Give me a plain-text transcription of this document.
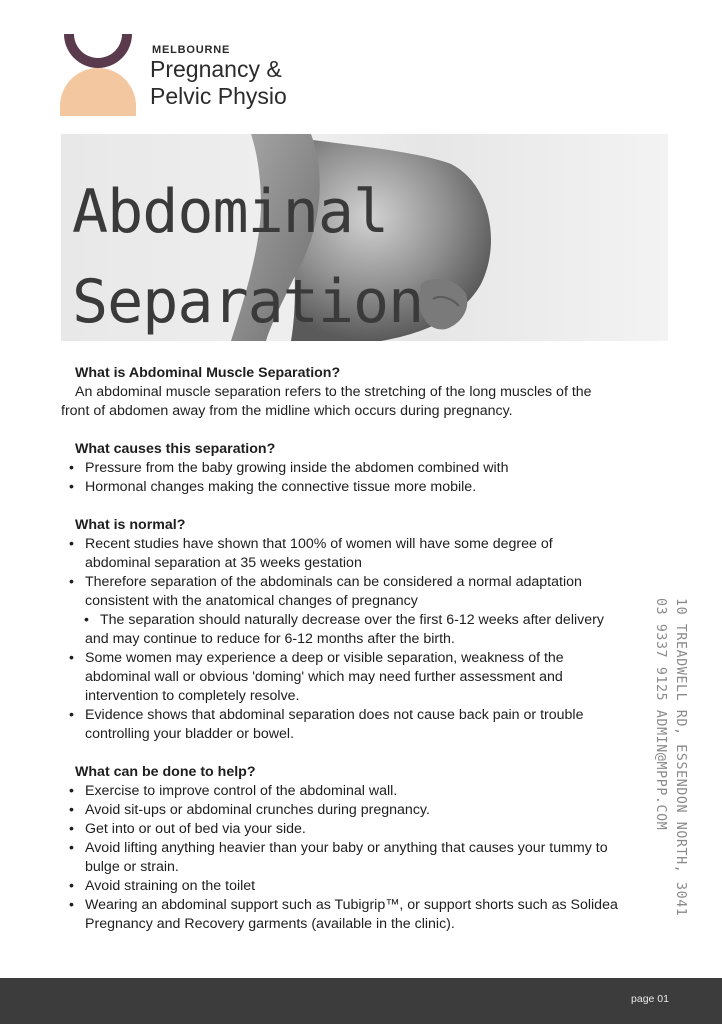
MELBOURNE
Pregnancy &
Pelvic Physio
Abdominal
Separation

What is Abdominal Muscle Separation?

An abdominal muscle separation refers to the stretching of the long muscles of the front of abdomen away from the midline which occurs during pregnancy.

What causes this separation?

• Pressure from the baby growing inside the abdomen combined with
• Hormonal changes making the connective tissue more mobile.

What is normal?

• Recent studies have shown that 100% of women will have some degree of abdominal separation at 35 weeks gestation
• Therefore separation of the abdominals can be considered a normal adaptation consistent with the anatomical changes of pregnancy
• The separation should naturally decrease over the first 6-12 weeks after delivery and may continue to reduce for 6-12 months after the birth.
• Some women may experience a deep or visible separation, weakness of the abdominal wall or obvious 'doming' which may need further assessment and intervention to completely resolve.
• Evidence shows that abdominal separation does not cause back pain or trouble controlling your bladder or bowel.

What can be done to help?

• Exercise to improve control of the abdominal wall.
• Avoid sit-ups or abdominal crunches during pregnancy.
• Get into or out of bed via your side.
• Avoid lifting anything heavier than your baby or anything that causes your tummy to bulge or strain.
• Avoid straining on the toilet
• Wearing an abdominal support such as Tubigrip™, or support shorts such as Solidea Pregnancy and Recovery garments (available in the clinic).
10 TREADWELL RD, ESSENDON NORTH, 3041
03 9337 9125 ADMIN@MPPP.COM
page 01
